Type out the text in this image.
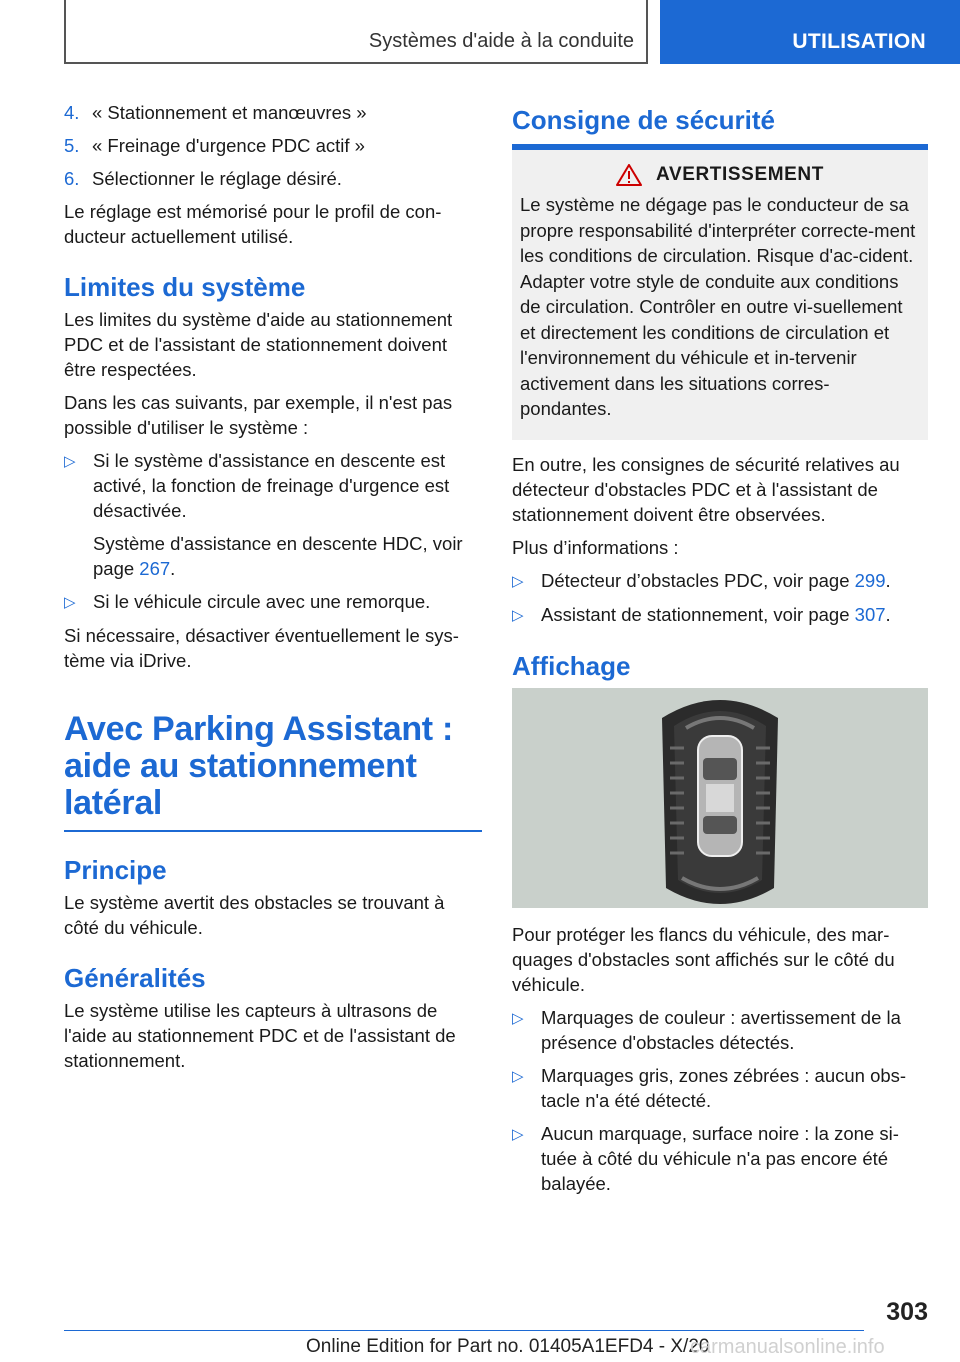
Systèmes d'aide à la conduite	UTILISATION
4. « Stationnement et manœuvres »
5. « Freinage d'urgence PDC actif »
6. Sélectionner le réglage désiré.

Le réglage est mémorisé pour le profil de con‐ducteur actuellement utilisé.

Limites du système

Les limites du système d'aide au stationnement PDC et de l'assistant de stationnement doivent être respectées.

Dans les cas suivants, par exemple, il n'est pas possible d'utiliser le système :

▷ Si le système d'assistance en descente est activé, la fonction de freinage d'urgence est désactivée.

Système d'assistance en descente HDC, voir page 267.

▷ Si le véhicule circule avec une remorque.

Si nécessaire, désactiver éventuellement le sys‐tème via iDrive.

Avec Parking Assistant : aide au stationnement latéral
Principe

Le système avertit des obstacles se trouvant à côté du véhicule.

Généralités

Le système utilise les capteurs à ultrasons de l'aide au stationnement PDC et de l'assistant de stationnement.

Consigne de sécurité
AVERTISSEMENT

Le système ne dégage pas le conducteur de sa propre responsabilité d'interpréter correcte‐ment les conditions de circulation. Risque d'ac‐cident. Adapter votre style de conduite aux conditions de circulation. Contrôler en outre vi‐suellement et directement les conditions de circulation et l'environnement du véhicule et in‐tervenir activement dans les situations corres‐pondantes.

En outre, les consignes de sécurité relatives au détecteur d'obstacles PDC et à l'assistant de stationnement doivent être observées.

Plus d’informations :

▷ Détecteur d’obstacles PDC, voir page 299.
▷ Assistant de stationnement, voir page 307.
Affichage

Pour protéger les flancs du véhicule, des mar‐quages d'obstacles sont affichés sur le côté du véhicule.

▷ Marquages de couleur : avertissement de la présence d'obstacles détectés.
▷ Marquages gris, zones zébrées : aucun obs‐tacle n'a été détecté.
▷ Aucun marquage, surface noire : la zone si‐tuée à côté du véhicule n'a pas encore été balayée.
303
Online Edition for Part no. 01405A1EFD4 - X/20
carmanualsonline.info
